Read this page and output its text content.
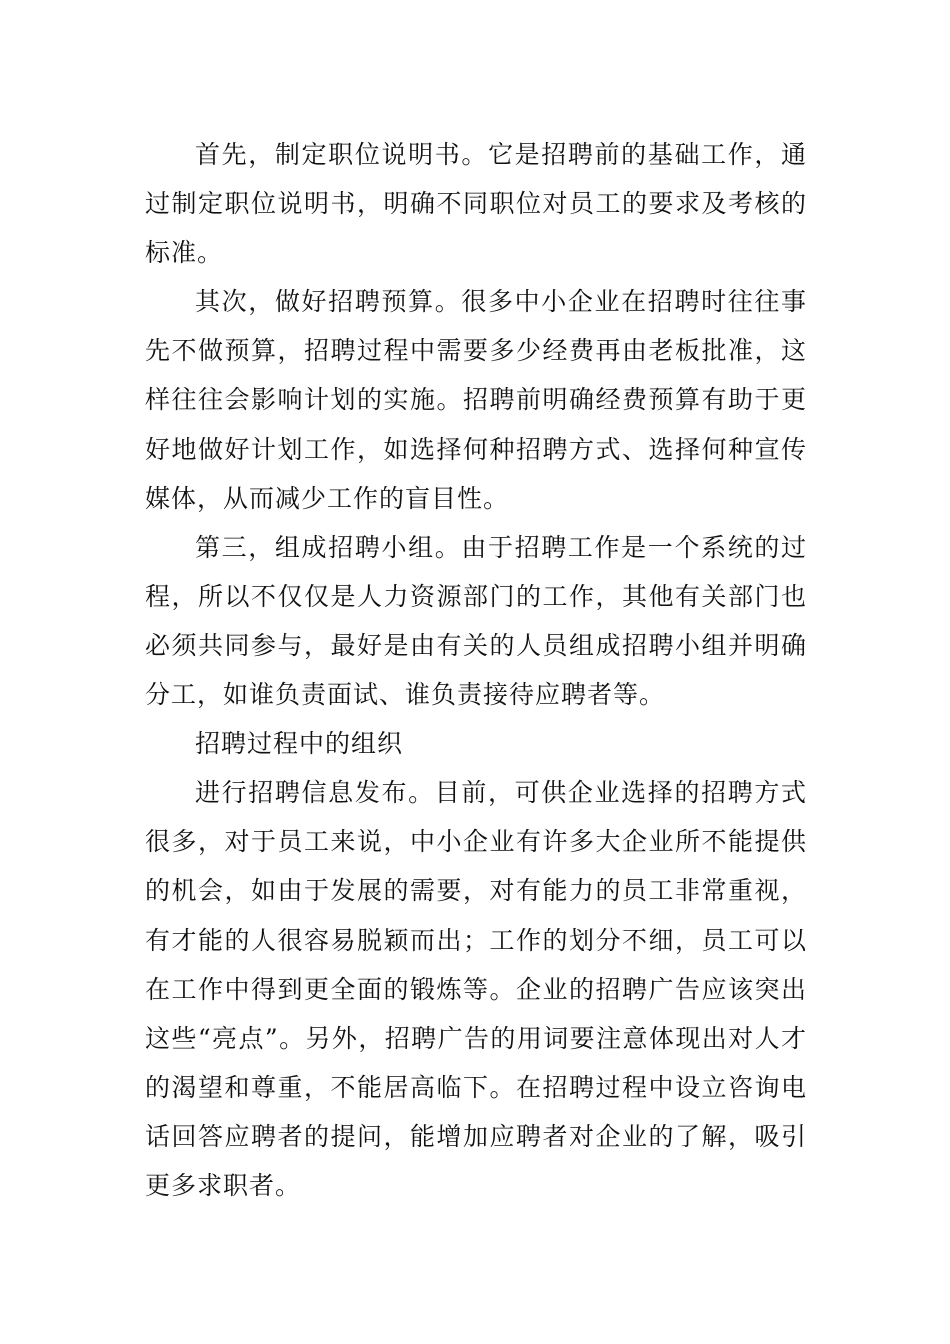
首先，制定职位说明书。它是招聘前的基础工作，通过制定职位说明书，明确不同职位对员工的要求及考核的标准。

其次，做好招聘预算。很多中小企业在招聘时往往事先不做预算，招聘过程中需要多少经费再由老板批准，这样往往会影响计划的实施。招聘前明确经费预算有助于更好地做好计划工作，如选择何种招聘方式、选择何种宣传媒体，从而减少工作的盲目性。

第三，组成招聘小组。由于招聘工作是一个系统的过程，所以不仅仅是人力资源部门的工作，其他有关部门也必须共同参与，最好是由有关的人员组成招聘小组并明确分工，如谁负责面试、谁负责接待应聘者等。

招聘过程中的组织

进行招聘信息发布。目前，可供企业选择的招聘方式很多，对于员工来说，中小企业有许多大企业所不能提供的机会，如由于发展的需要，对有能力的员工非常重视，有才能的人很容易脱颖而出；工作的划分不细，员工可以在工作中得到更全面的锻炼等。企业的招聘广告应该突出这些“亮点”。另外，招聘广告的用词要注意体现出对人才的渴望和尊重，不能居高临下。在招聘过程中设立咨询电话回答应聘者的提问，能增加应聘者对企业的了解，吸引更多求职者。
